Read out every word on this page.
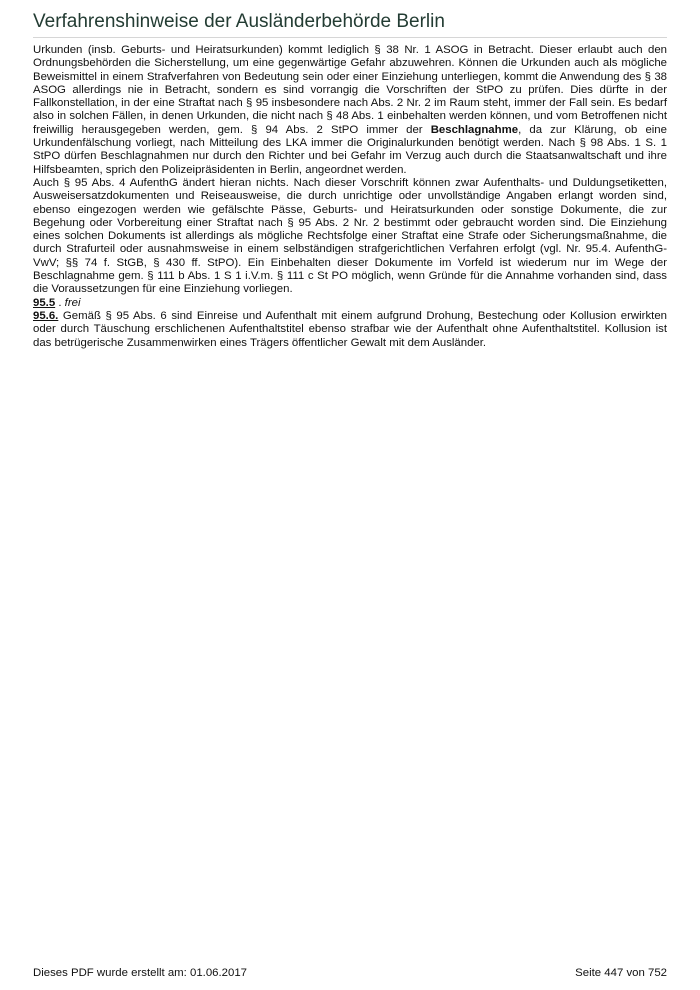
Verfahrenshinweise der Ausländerbehörde Berlin

Urkunden (insb. Geburts- und Heiratsurkunden) kommt lediglich § 38 Nr. 1 ASOG in Betracht. Dieser erlaubt auch den Ordnungsbehörden die Sicherstellung, um eine gegenwärtige Gefahr abzuwehren. Können die Urkunden auch als mögliche Beweismittel in einem Strafverfahren von Bedeutung sein oder einer Einziehung unterliegen, kommt die Anwendung des § 38 ASOG allerdings nie in Betracht, sondern es sind vorrangig die Vorschriften der StPO zu prüfen. Dies dürfte in der Fallkonstellation, in der eine Straftat nach § 95 insbesondere nach Abs. 2 Nr. 2 im Raum steht, immer der Fall sein. Es bedarf also in solchen Fällen, in denen Urkunden, die nicht nach § 48 Abs. 1 einbehalten werden können, und vom Betroffenen nicht freiwillig herausgegeben werden, gem. § 94 Abs. 2 StPO immer der Beschlagnahme, da zur Klärung, ob eine Urkundenfälschung vorliegt, nach Mitteilung des LKA immer die Originalurkunden benötigt werden. Nach § 98 Abs. 1 S. 1 StPO dürfen Beschlagnahmen nur durch den Richter und bei Gefahr im Verzug auch durch die Staatsanwaltschaft und ihre Hilfsbeamten, sprich den Polizeipräsidenten in Berlin, angeordnet werden.

Auch § 95 Abs. 4 AufenthG ändert hieran nichts. Nach dieser Vorschrift können zwar Aufenthalts- und Duldungsetiketten, Ausweisersatzdokumenten und Reiseausweise, die durch unrichtige oder unvollständige Angaben erlangt worden sind, ebenso eingezogen werden wie gefälschte Pässe, Geburts- und Heiratsurkunden oder sonstige Dokumente, die zur Begehung oder Vorbereitung einer Straftat nach § 95 Abs. 2 Nr. 2 bestimmt oder gebraucht worden sind. Die Einziehung eines solchen Dokuments ist allerdings als mögliche Rechtsfolge einer Straftat eine Strafe oder Sicherungsmaßnahme, die durch Strafurteil oder ausnahmsweise in einem selbständigen strafgerichtlichen Verfahren erfolgt (vgl. Nr. 95.4. AufenthG-VwV; §§ 74 f. StGB, § 430 ff. StPO). Ein Einbehalten dieser Dokumente im Vorfeld ist wiederum nur im Wege der Beschlagnahme gem. § 111 b Abs. 1 S 1 i.V.m. § 111 c St PO möglich, wenn Gründe für die Annahme vorhanden sind, dass die Voraussetzungen für eine Einziehung vorliegen.

95.5 . frei

95.6. Gemäß § 95 Abs. 6 sind Einreise und Aufenthalt mit einem aufgrund Drohung, Bestechung oder Kollusion erwirkten oder durch Täuschung erschlichenen Aufenthaltstitel ebenso strafbar wie der Aufenthalt ohne Aufenthaltstitel. Kollusion ist das betrügerische Zusammenwirken eines Trägers öffentlicher Gewalt mit dem Ausländer.

Dieses PDF wurde erstellt am: 01.06.2017	Seite 447 von 752
